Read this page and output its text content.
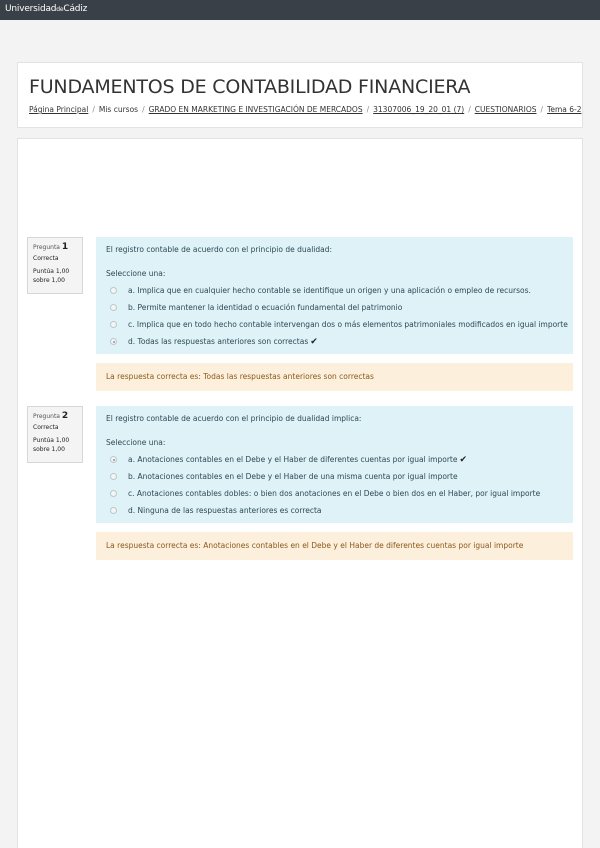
UniversidaddeCádiz
FUNDAMENTOS DE CONTABILIDAD FINANCIERA
Página Principal / Mis cursos / GRADO EN MARKETING E INVESTIGACIÓN DE MERCADOS / 31307006_19_20_01 (7) / CUESTIONARIOS / Tema 6-2
Pregunta 1
Correcta
Puntúa 1,00
sobre 1,00
El registro contable de acuerdo con el principio de dualidad:
Seleccione una:
a. Implica que en cualquier hecho contable se identifique un origen y una aplicación o empleo de recursos.
b. Permite mantener la identidad o ecuación fundamental del patrimonio
c. Implica que en todo hecho contable intervengan dos o más elementos patrimoniales modificados en igual importe
d. Todas las respuestas anteriores son correctas ✔
La respuesta correcta es: Todas las respuestas anteriores son correctas
Pregunta 2
Correcta
Puntúa 1,00
sobre 1,00
El registro contable de acuerdo con el principio de dualidad implica:
Seleccione una:
a. Anotaciones contables en el Debe y el Haber de diferentes cuentas por igual importe ✔
b. Anotaciones contables en el Debe y el Haber de una misma cuenta por igual importe
c. Anotaciones contables dobles: o bien dos anotaciones en el Debe o bien dos en el Haber, por igual importe
d. Ninguna de las respuestas anteriores es correcta
La respuesta correcta es: Anotaciones contables en el Debe y el Haber de diferentes cuentas por igual importe
